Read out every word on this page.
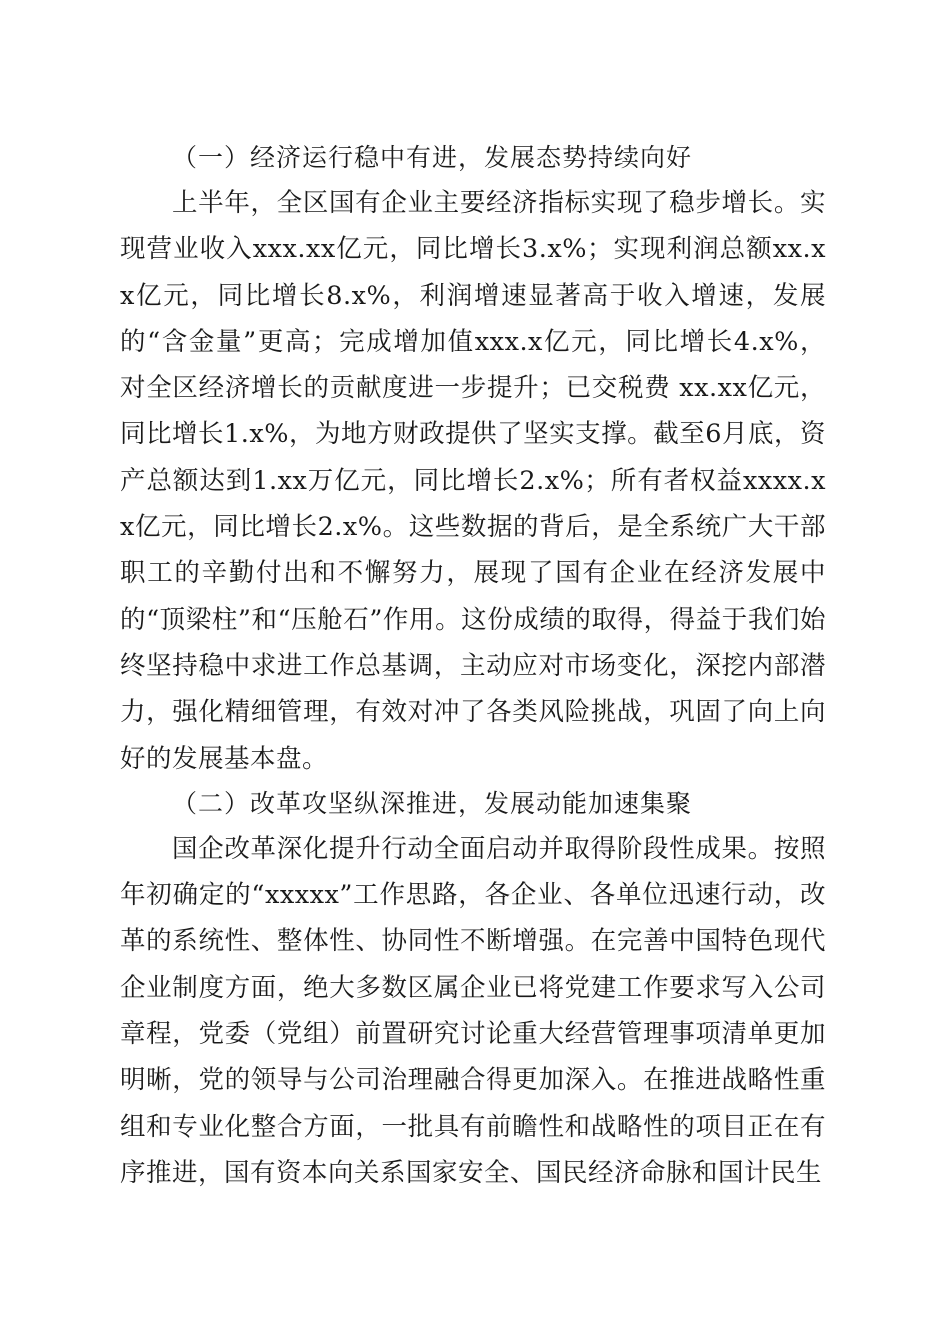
（一）经济运行稳中有进，发展态势持续向好

上半年，全区国有企业主要经济指标实现了稳步增长。实现营业收入xxx.xx亿元，同比增长3.x%；实现利润总额xx.xx亿元，同比增长8.x%，利润增速显著高于收入增速，发展的“含金量”更高；完成增加值xxx.x亿元，同比增长4.x%，对全区经济增长的贡献度进一步提升；已交税费 xx.xx亿元，同比增长1.x%，为地方财政提供了坚实支撑。截至6月底，资产总额达到1.xx万亿元，同比增长2.x%；所有者权益xxxx.xx亿元，同比增长2.x%。这些数据的背后，是全系统广大干部职工的辛勤付出和不懈努力，展现了国有企业在经济发展中的“顶梁柱”和“压舱石”作用。这份成绩的取得，得益于我们始终坚持稳中求进工作总基调，主动应对市场变化，深挖内部潜力，强化精细管理，有效对冲了各类风险挑战，巩固了向上向好的发展基本盘。

（二）改革攻坚纵深推进，发展动能加速集聚

国企改革深化提升行动全面启动并取得阶段性成果。按照年初确定的“xxxxx”工作思路，各企业、各单位迅速行动，改革的系统性、整体性、协同性不断增强。在完善中国特色现代企业制度方面，绝大多数区属企业已将党建工作要求写入公司章程，党委（党组）前置研究讨论重大经营管理事项清单更加明晰，党的领导与公司治理融合得更加深入。在推进战略性重组和专业化整合方面，一批具有前瞻性和战略性的项目正在有序推进，国有资本向关系国家安全、国民经济命脉和国计民生
